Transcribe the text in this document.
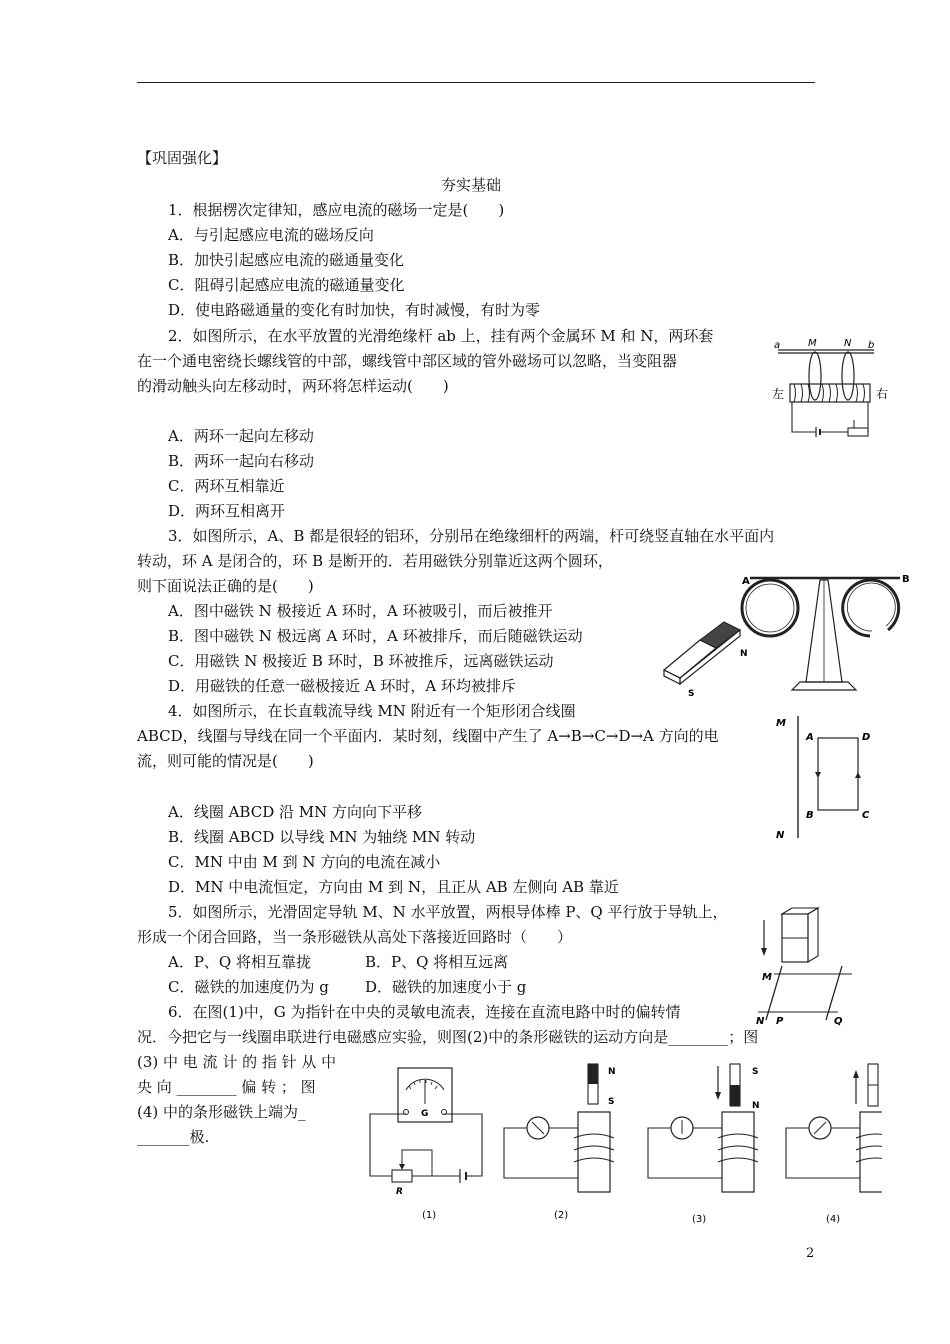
【巩固强化】
夯实基础
1．根据楞次定律知，感应电流的磁场一定是(　　)
A．与引起感应电流的磁场反向
B．加快引起感应电流的磁通量变化
C．阻碍引起感应电流的磁通量变化
D．使电路磁通量的变化有时加快，有时减慢，有时为零
2．如图所示，在水平放置的光滑绝缘杆 ab 上，挂有两个金属环 M 和 N，两环套
在一个通电密绕长螺线管的中部，螺线管中部区域的管外磁场可以忽略，当变阻器
的滑动触头向左移动时，两环将怎样运动(　　)
A．两环一起向左移动
B．两环一起向右移动
C．两环互相靠近
D．两环互相离开
3．如图所示，A、B 都是很轻的铝环，分别吊在绝缘细杆的两端，杆可绕竖直轴在水平面内
转动，环 A 是闭合的，环 B 是断开的．若用磁铁分别靠近这两个圆环，
则下面说法正确的是(　　)
A．图中磁铁 N 极接近 A 环时，A 环被吸引，而后被推开
B．图中磁铁 N 极远离 A 环时，A 环被排斥，而后随磁铁运动
C．用磁铁 N 极接近 B 环时，B 环被推斥，远离磁铁运动
D．用磁铁的任意一磁极接近 A 环时，A 环均被排斥
4．如图所示，在长直载流导线 MN 附近有一个矩形闭合线圈
ABCD，线圈与导线在同一个平面内．某时刻，线圈中产生了 A→B→C→D→A 方向的电
流，则可能的情况是(　　)
A．线圈 ABCD 沿 MN 方向向下平移
B．线圈 ABCD 以导线 MN 为轴绕 MN 转动
C．MN 中由 M 到 N 方向的电流在减小
D．MN 中电流恒定，方向由 M 到 N，且正从 AB 左侧向 AB 靠近
5．如图所示，光滑固定导轨 M、N 水平放置，两根导体棒 P、Q 平行放于导轨上，
形成一个闭合回路，当一条形磁铁从高处下落接近回路时（　　）
A．P、Q 将相互靠拢	B．P、Q 将相互远离
C．磁铁的加速度仍为 g D．磁铁的加速度小于 g
6．在图(1)中，G 为指针在中央的灵敏电流表，连接在直流电路中时的偏转情
况．今把它与一线圈串联进行电磁感应实验，则图(2)中的条形磁铁的运动方向是________；图
(3) 中 电 流 计 的 指 针 从 中
央 向 ________ 偏 转 ； 图
(4) 中的条形磁铁上端为_
_______极.
a	b
M	N
左	右
A	B
N
S
M
N
A	D
B	C
M
N P	Q
G
R
(1)
N
S
(2)
S
N
(3)	(4)
2
